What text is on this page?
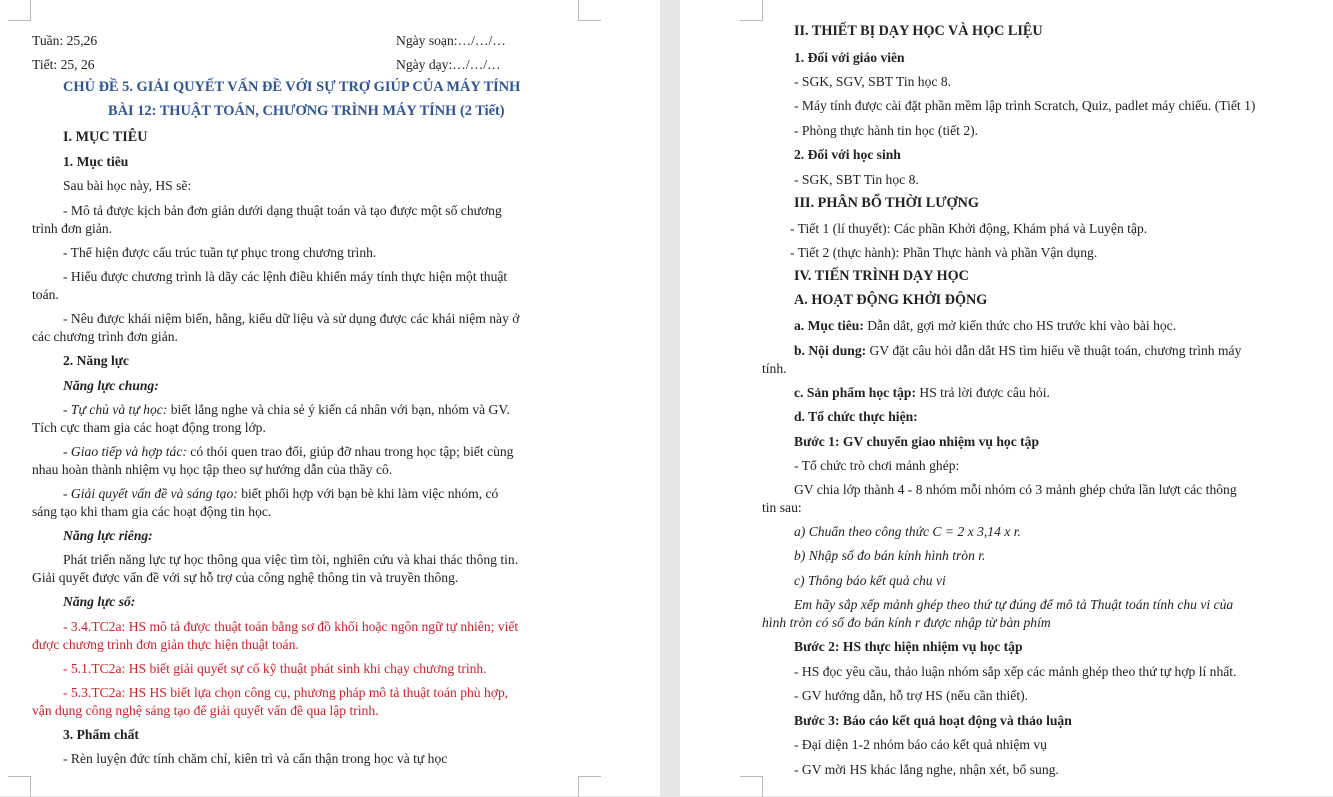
Tuần: 25,26	Ngày soạn:…/…/…
Tiết: 25, 26	Ngày dạy:…/…/…
CHỦ ĐỀ 5. GIẢI QUYẾT VẤN ĐỀ VỚI SỰ TRỢ GIÚP CỦA MÁY TÍNH
BÀI 12: THUẬT TOÁN, CHƯƠNG TRÌNH MÁY TÍNH (2 Tiết)
I. MỤC TIÊU
1. Mục tiêu
Sau bài học này, HS sẽ:
- Mô tả được kịch bản đơn giản dưới dạng thuật toán và tạo được một số chương
trình đơn giản.
- Thể hiện được cấu trúc tuần tự phục trong chương trình.
- Hiểu được chương trình là dãy các lệnh điều khiển máy tính thực hiện một thuật
toán.
- Nêu được khái niệm biến, hằng, kiểu dữ liệu và sử dụng được các khái niệm này ở
các chương trình đơn giản.
2. Năng lực
Năng lực chung:
- Tự chủ và tự học: biết lắng nghe và chia sẻ ý kiến cá nhân với bạn, nhóm và GV.
Tích cực tham gia các hoạt động trong lớp.
- Giao tiếp và hợp tác: có thói quen trao đổi, giúp đỡ nhau trong học tập; biết cùng
nhau hoàn thành nhiệm vụ học tập theo sự hướng dẫn của thầy cô.
- Giải quyết vấn đề và sáng tạo: biết phối hợp với bạn bè khi làm việc nhóm, có
sáng tạo khi tham gia các hoạt động tin học.
Năng lực riêng:
Phát triển năng lực tự học thông qua việc tìm tòi, nghiên cứu và khai thác thông tin.
Giải quyết được vấn đề với sự hỗ trợ của công nghệ thông tin và truyền thông.
Năng lực số:
- 3.4.TC2a: HS mô tả được thuật toán bằng sơ đồ khối hoặc ngôn ngữ tự nhiên; viết
được chương trình đơn giản thực hiện thuật toán.
- 5.1.TC2a: HS biết giải quyết sự cố kỹ thuật phát sinh khi chạy chương trình.
- 5.3.TC2a: HS HS biết lựa chọn công cụ, phương pháp mô tả thuật toán phù hợp,
vận dụng công nghệ sáng tạo để giải quyết vấn đề qua lập trình.
3. Phẩm chất
- Rèn luyện đức tính chăm chỉ, kiên trì và cẩn thận trong học và tự học
II. THIẾT BỊ DẠY HỌC VÀ HỌC LIỆU
1. Đối với giáo viên
- SGK, SGV, SBT Tin học 8.
- Máy tính được cài đặt phần mềm lập trình Scratch, Quiz, padlet máy chiếu. (Tiết 1)
- Phòng thực hành tin học (tiết 2).
2. Đối với học sinh
- SGK, SBT Tin học 8.
III. PHÂN BỔ THỜI LƯỢNG
- Tiết 1 (lí thuyết): Các phần Khởi động, Khám phá và Luyện tập.
- Tiết 2 (thực hành): Phần Thực hành và phần Vận dụng.
IV. TIẾN TRÌNH DẠY HỌC
A. HOẠT ĐỘNG KHỞI ĐỘNG
a. Mục tiêu: Dẫn dắt, gợi mở kiến thức cho HS trước khi vào bài học.
b. Nội dung: GV đặt câu hỏi dẫn dắt HS tìm hiểu về thuật toán, chương trình máy
tính.
c. Sản phẩm học tập: HS trả lời được câu hỏi.
d. Tổ chức thực hiện:
Bước 1: GV chuyển giao nhiệm vụ học tập
- Tổ chức trò chơi mảnh ghép:
GV chia lớp thành 4 - 8 nhóm mỗi nhóm có 3 mảnh ghép chứa lần lượt các thông
tin sau:
a) Chuẩn theo công thức C = 2 x 3,14 x r.
b) Nhập số đo bán kính hình tròn r.
c) Thông báo kết quả chu vi
Em hãy sắp xếp mảnh ghép theo thứ tự đúng để mô tả Thuật toán tính chu vi của
hình tròn có số đo bán kính r được nhập từ bàn phím
Bước 2: HS thực hiện nhiệm vụ học tập
- HS đọc yêu cầu, thảo luận nhóm sắp xếp các mảnh ghép theo thứ tự hợp lí nhất.
- GV hướng dẫn, hỗ trợ HS (nếu cần thiết).
Bước 3: Báo cáo kết quả hoạt động và thảo luận
- Đại diện 1-2 nhóm báo cáo kết quả nhiệm vụ
- GV mời HS khác lắng nghe, nhận xét, bổ sung.
